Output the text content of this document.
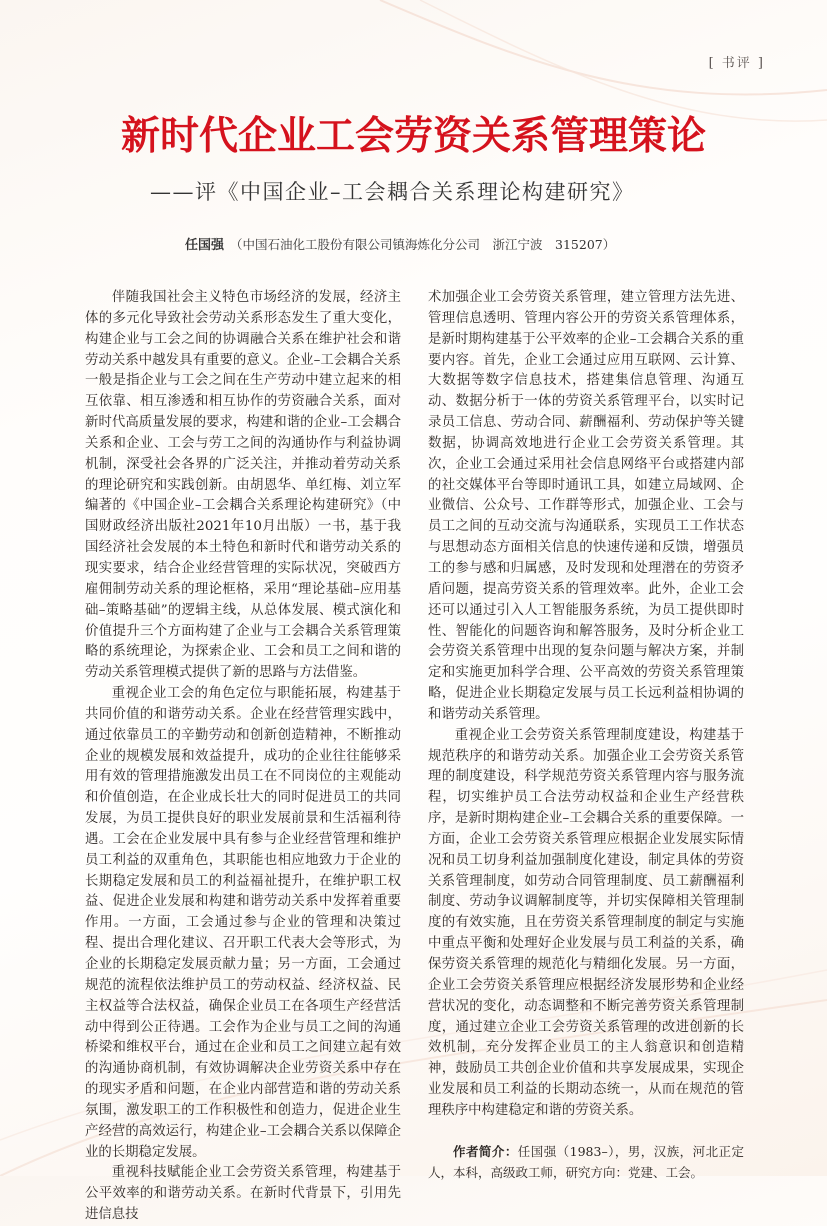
[ 书评 ]
新时代企业工会劳资关系管理策论
——评《中国企业–工会耦合关系理论构建研究》
任国强 （中国石油化工股份有限公司镇海炼化分公司　浙江宁波　315207）

伴随我国社会主义特色市场经济的发展，经济主体的多元化导致社会劳动关系形态发生了重大变化，构建企业与工会之间的协调融合关系在维护社会和谐劳动关系中越发具有重要的意义。企业–工会耦合关系一般是指企业与工会之间在生产劳动中建立起来的相互依靠、相互渗透和相互协作的劳资融合关系，面对新时代高质量发展的要求，构建和谐的企业–工会耦合关系和企业、工会与劳工之间的沟通协作与利益协调机制，深受社会各界的广泛关注，并推动着劳动关系的理论研究和实践创新。由胡恩华、单红梅、刘立军编著的《中国企业–工会耦合关系理论构建研究》（中国财政经济出版社2021年10月出版）一书，基于我国经济社会发展的本土特色和新时代和谐劳动关系的现实要求，结合企业经营管理的实际状况，突破西方雇佣制劳动关系的理论框格，采用“理论基础–应用基础–策略基础”的逻辑主线，从总体发展、模式演化和价值提升三个方面构建了企业与工会耦合关系管理策略的系统理论，为探索企业、工会和员工之间和谐的劳动关系管理模式提供了新的思路与方法借鉴。

重视企业工会的角色定位与职能拓展，构建基于共同价值的和谐劳动关系。企业在经营管理实践中，通过依靠员工的辛勤劳动和创新创造精神，不断推动企业的规模发展和效益提升，成功的企业往往能够采用有效的管理措施激发出员工在不同岗位的主观能动和价值创造，在企业成长壮大的同时促进员工的共同发展，为员工提供良好的职业发展前景和生活福利待遇。工会在企业发展中具有参与企业经营管理和维护员工利益的双重角色，其职能也相应地致力于企业的长期稳定发展和员工的利益福祉提升，在维护职工权益、促进企业发展和构建和谐劳动关系中发挥着重要作用。一方面，工会通过参与企业的管理和决策过程、提出合理化建议、召开职工代表大会等形式，为企业的长期稳定发展贡献力量；另一方面，工会通过规范的流程依法维护员工的劳动权益、经济权益、民主权益等合法权益，确保企业员工在各项生产经营活动中得到公正待遇。工会作为企业与员工之间的沟通桥梁和维权平台，通过在企业和员工之间建立起有效的沟通协商机制，有效协调解决企业劳资关系中存在的现实矛盾和问题，在企业内部营造和谐的劳动关系氛围，激发职工的工作积极性和创造力，促进企业生产经营的高效运行，构建企业–工会耦合关系以保障企业的长期稳定发展。

重视科技赋能企业工会劳资关系管理，构建基于公平效率的和谐劳动关系。在新时代背景下，引用先进信息技

术加强企业工会劳资关系管理，建立管理方法先进、管理信息透明、管理内容公开的劳资关系管理体系，是新时期构建基于公平效率的企业–工会耦合关系的重要内容。首先，企业工会通过应用互联网、云计算、大数据等数字信息技术，搭建集信息管理、沟通互动、数据分析于一体的劳资关系管理平台，以实时记录员工信息、劳动合同、薪酬福利、劳动保护等关键数据，协调高效地进行企业工会劳资关系管理。其次，企业工会通过采用社会信息网络平台或搭建内部的社交媒体平台等即时通讯工具，如建立局域网、企业微信、公众号、工作群等形式，加强企业、工会与员工之间的互动交流与沟通联系，实现员工工作状态与思想动态方面相关信息的快速传递和反馈，增强员工的参与感和归属感，及时发现和处理潜在的劳资矛盾问题，提高劳资关系的管理效率。此外，企业工会还可以通过引入人工智能服务系统，为员工提供即时性、智能化的问题咨询和解答服务，及时分析企业工会劳资关系管理中出现的复杂问题与解决方案，并制定和实施更加科学合理、公平高效的劳资关系管理策略，促进企业长期稳定发展与员工长远利益相协调的和谐劳动关系管理。

重视企业工会劳资关系管理制度建设，构建基于规范秩序的和谐劳动关系。加强企业工会劳资关系管理的制度建设，科学规范劳资关系管理内容与服务流程，切实维护员工合法劳动权益和企业生产经营秩序，是新时期构建企业–工会耦合关系的重要保障。一方面，企业工会劳资关系管理应根据企业发展实际情况和员工切身利益加强制度化建设，制定具体的劳资关系管理制度，如劳动合同管理制度、员工薪酬福利制度、劳动争议调解制度等，并切实保障相关管理制度的有效实施，且在劳资关系管理制度的制定与实施中重点平衡和处理好企业发展与员工利益的关系，确保劳资关系管理的规范化与精细化发展。另一方面，企业工会劳资关系管理应根据经济发展形势和企业经营状况的变化，动态调整和不断完善劳资关系管理制度，通过建立企业工会劳资关系管理的改进创新的长效机制，充分发挥企业员工的主人翁意识和创造精神，鼓励员工共创企业价值和共享发展成果，实现企业发展和员工利益的长期动态统一，从而在规范的管理秩序中构建稳定和谐的劳资关系。

作者简介：任国强（1983–），男，汉族，河北正定人，本科，高级政工师，研究方向：党建、工会。
